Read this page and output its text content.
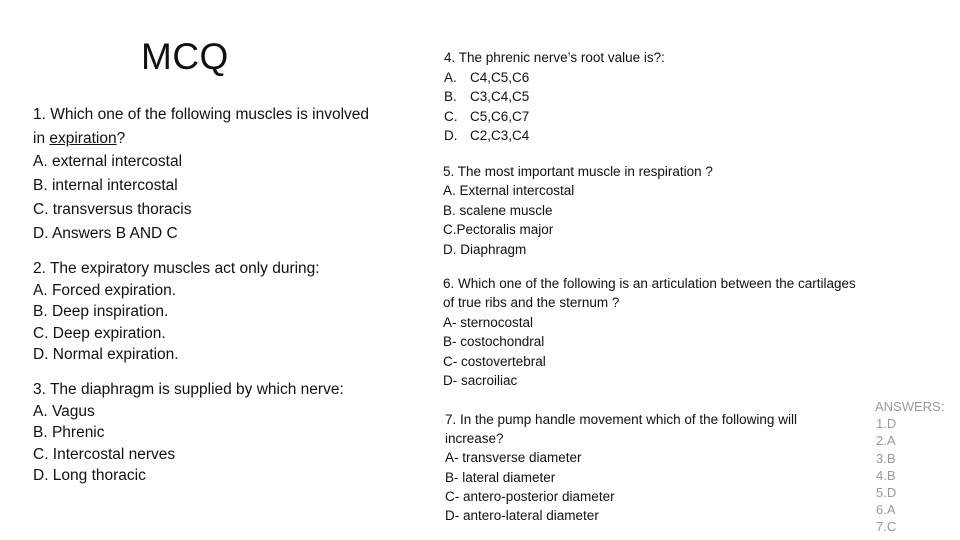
MCQ
1. Which one of the following muscles is involved
in expiration?
A. external intercostal
B. internal intercostal
C. transversus thoracis
D. Answers B AND C
2. The expiratory muscles act only during:
A. Forced expiration.
B. Deep inspiration.
C. Deep expiration.
D. Normal expiration.
3. The diaphragm is supplied by which nerve:
A. Vagus
B. Phrenic
C. Intercostal nerves
D. Long thoracic
4. The phrenic nerve’s root value is?:
A. C4,C5,C6
B. C3,C4,C5
C. C5,C6,C7
D. C2,C3,C4
5. The most important muscle in respiration ?
A. External intercostal
B. scalene muscle
C.Pectoralis major
D. Diaphragm
6. Which one of the following is an articulation between the cartilages
of true ribs and the sternum ?
A- sternocostal
B- costochondral
C- costovertebral
D- sacroiliac
7. In the pump handle movement which of the following will
increase?
A- transverse diameter
B- lateral diameter
C- antero-posterior diameter
D- antero-lateral diameter
ANSWERS:
1.D
2.A
3.B
4.B
5.D
6.A
7.C
